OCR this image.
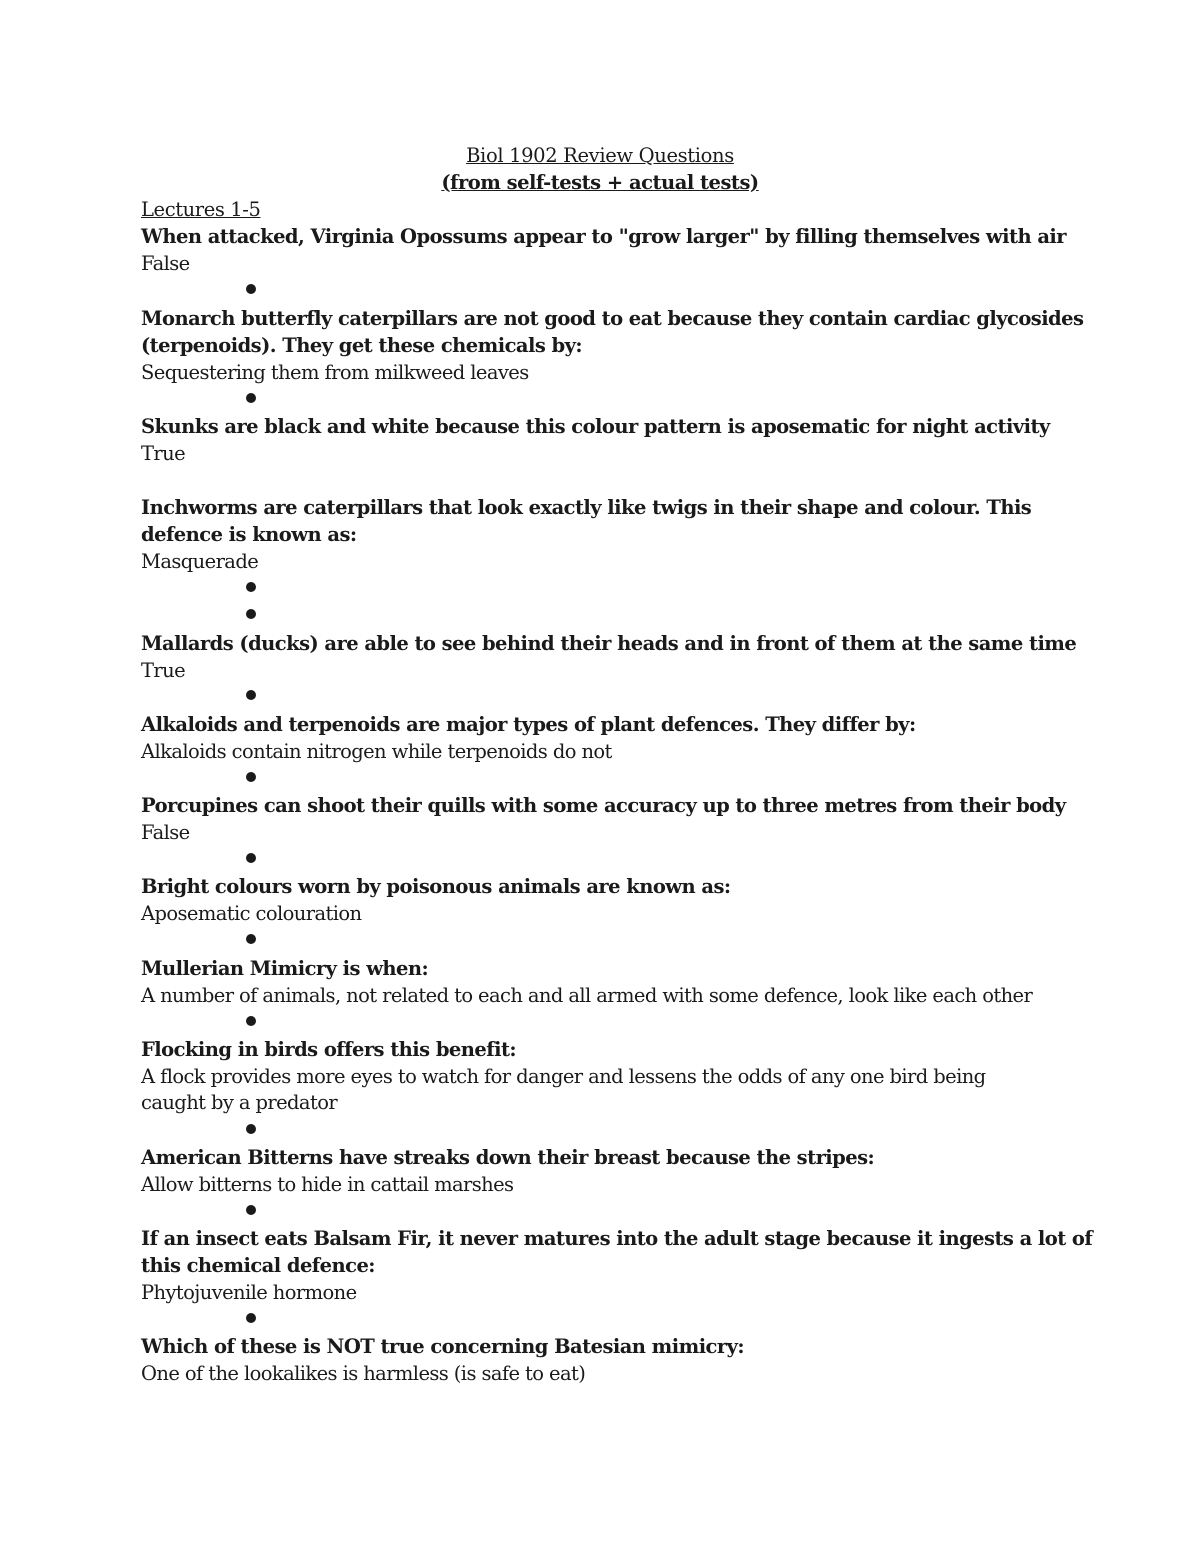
Biol 1902 Review Questions
(from self-tests + actual tests)
Lectures 1-5
When attacked, Virginia Opossums appear to "grow larger" by filling themselves with air
False
Monarch butterfly caterpillars are not good to eat because they contain cardiac glycosides
(terpenoids). They get these chemicals by:
Sequestering them from milkweed leaves
Skunks are black and white because this colour pattern is aposematic for night activity
True
Inchworms are caterpillars that look exactly like twigs in their shape and colour. This
defence is known as:
Masquerade
Mallards (ducks) are able to see behind their heads and in front of them at the same time
True
Alkaloids and terpenoids are major types of plant defences. They differ by:
Alkaloids contain nitrogen while terpenoids do not
Porcupines can shoot their quills with some accuracy up to three metres from their body
False
Bright colours worn by poisonous animals are known as:
Aposematic colouration
Mullerian Mimicry is when:
A number of animals, not related to each and all armed with some defence, look like each other
Flocking in birds offers this benefit:
A flock provides more eyes to watch for danger and lessens the odds of any one bird being
caught by a predator
American Bitterns have streaks down their breast because the stripes:
Allow bitterns to hide in cattail marshes
If an insect eats Balsam Fir, it never matures into the adult stage because it ingests a lot of
this chemical defence:
Phytojuvenile hormone
Which of these is NOT true concerning Batesian mimicry:
One of the lookalikes is harmless (is safe to eat)
